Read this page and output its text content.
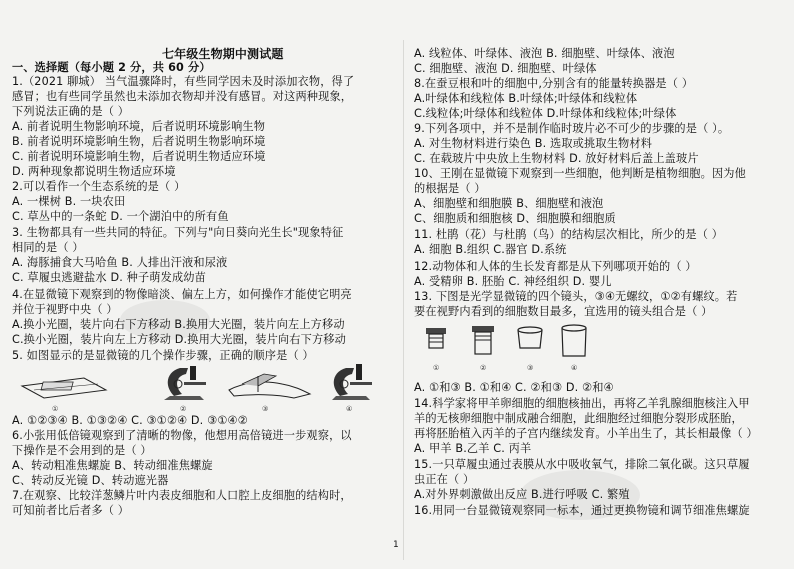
七年级生物期中测试题
一、选择题（每小题 2 分，共 60 分）
1.（2021 聊城） 当气温骤降时，有些同学因未及时添加衣物，得了
感冒；也有些同学虽然也未添加衣物却并没有感冒。对这两种现象，
下列说法正确的是（ ）
A. 前者说明生物影响环境，后者说明环境影响生物
B. 前者说明环境影响生物，后者说明生物影响环境
C. 前者说明环境影响生物，后者说明生物适应环境
D. 两种现象都说明生物适应环境
2.可以看作一个生态系统的是（ ）
A. 一棵树 B. 一块农田
C. 草丛中的一条蛇 D. 一个湖泊中的所有鱼
3. 生物都具有一些共同的特征。下列与"向日葵向光生长"现象特征
相同的是（ ）
A. 海豚捕食大马哈鱼 B. 人排出汗液和尿液
C. 草履虫逃避盐水 D. 种子萌发成幼苗
4.在显微镜下观察到的物像暗淡、偏左上方，如何操作才能使它明亮
并位于视野中央（ ）
A.换小光圈，装片向右下方移动 B.换用大光圈，装片向左上方移动
C.换小光圈，装片向左上方移动 D.换用大光圈，装片向右下方移动
5. 如图显示的是显微镜的几个操作步骤，正确的顺序是（ ）
①	②	③	④
A. ①②③④ B. ①③②④ C. ③①②④ D. ③①④②
6.小张用低倍镜观察到了清晰的物像，他想用高倍镜进一步观察，以
下操作是不会用到的是（ ）
A、转动粗准焦螺旋 B、转动细准焦螺旋
C、转动反光镜 D、转动遮光器
7.在观察、比较洋葱鳞片叶内表皮细胞和人口腔上皮细胞的结构时，
可知前者比后者多（ ）
A. 线粒体、叶绿体、液泡 B. 细胞壁、叶绿体、液泡
C. 细胞壁、液泡 D. 细胞壁、叶绿体
8.在蚕豆根和叶的细胞中,分别含有的能量转换器是（ ）
A.叶绿体和线粒体 B.叶绿体;叶绿体和线粒体
C.线粒体;叶绿体和线粒体 D.叶绿体和线粒体;叶绿体
9.下列各项中，并不是制作临时玻片必不可少的步骤的是（ ）。
A. 对生物材料进行染色 B. 选取或挑取生物材料
C. 在载玻片中央放上生物材料 D. 放好材料后盖上盖玻片
10、王刚在显微镜下观察到一些细胞，他判断是植物细胞。因为他
的根据是（ ）
A、细胞壁和细胞膜 B、细胞壁和液泡
C、细胞质和细胞核 D、细胞膜和细胞质
11. 杜鹃（花）与杜鹃（鸟）的结构层次相比，所少的是（ ）
A. 细胞 B.组织 C.器官 D.系统
12.动物体和人体的生长发育都是从下列哪项开始的（ ）
A. 受精卵 B. 胚胎 C. 神经组织 D. 婴儿
13. 下图是光学显微镜的四个镜头，③④无螺纹，①②有螺纹。若
要在视野内看到的细胞数目最多，宜选用的镜头组合是（ ）
①	②	③	④
A. ①和③ B. ①和④ C. ②和③ D. ②和④
14.科学家将甲羊卵细胞的细胞核抽出，再将乙羊乳腺细胞核注入甲
羊的无核卵细胞中制成融合细胞，此细胞经过细胞分裂形成胚胎，
再将胚胎植入丙羊的子宫内继续发育。小羊出生了，其长相最像（ ）
A. 甲羊 B.乙羊 C. 丙羊
15.一只草履虫通过表膜从水中吸收氧气，排除二氧化碳。这只草履
虫正在（ ）
A.对外界刺激做出反应 B.进行呼吸 C. 繁殖
16.用同一台显微镜观察同一标本，通过更换物镜和调节细准焦螺旋
1
